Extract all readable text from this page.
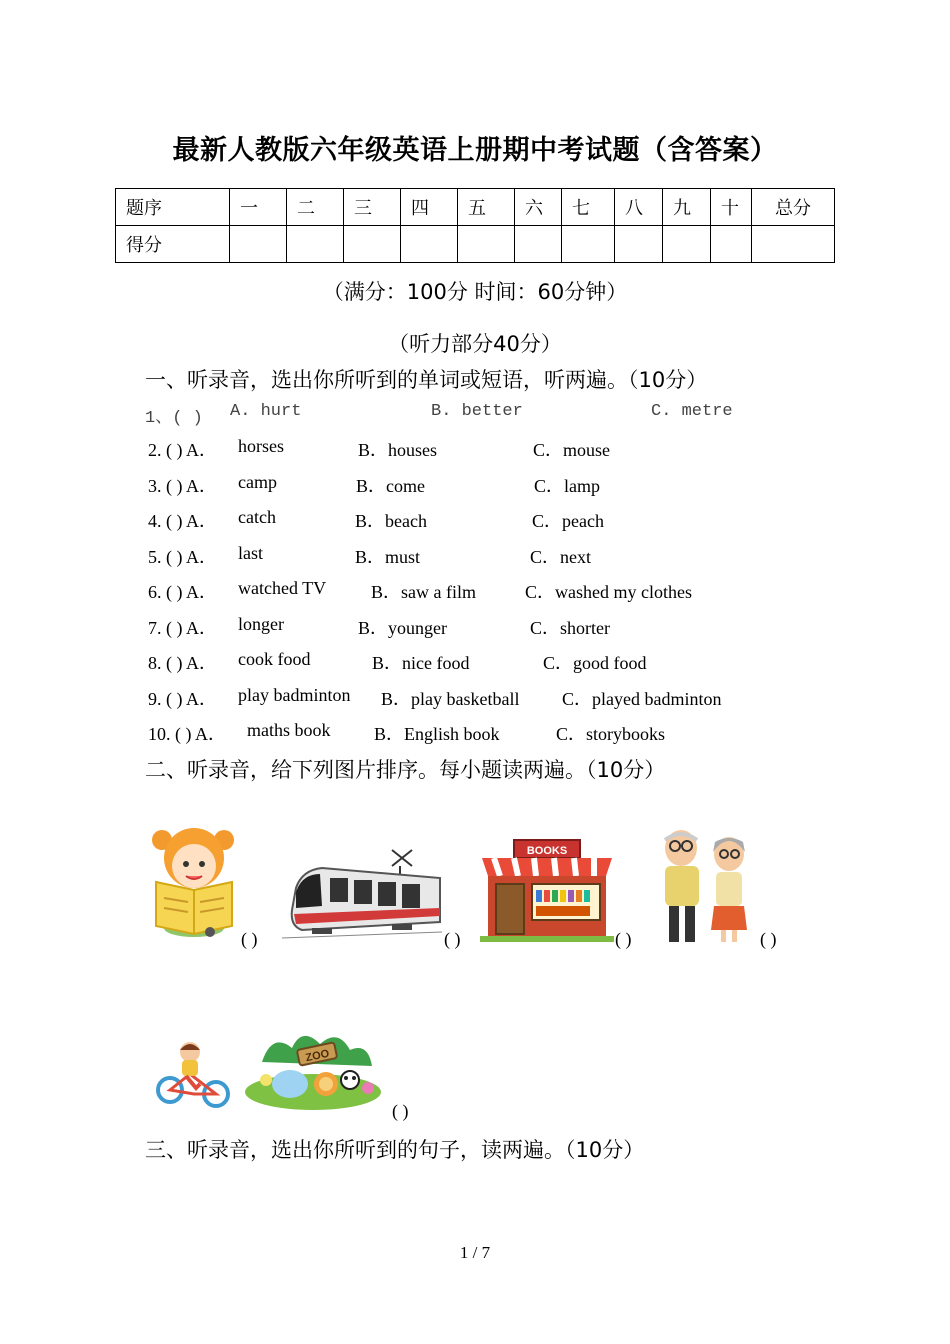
最新人教版六年级英语上册期中考试题（含答案）
题序	一	二	三	四	五	六	七	八	九	十	总分
得分											
（满分：100分 时间：60分钟）
（听力部分40分）
一、听录音，选出你所听到的单词或短语，听两遍。（10分）
1、( ) A. hurt	B. better	C. metre
2. ( ) A． horses	B．houses	C．mouse
3. ( ) A． camp	B．come	C．lamp
4. ( ) A． catch	B．beach	C．peach
5. ( ) A． last	B．must	C．next
6. ( ) A． watched TV B．saw a film	C．washed my clothes
7. ( ) A． longer	B．younger	C．shorter
8. ( ) A． cook food	B．nice food	C．good food
9. ( ) A． play badminton B．play basketball C．played badminton
10. ( ) A． maths book B．English book	C．storybooks
二、听录音，给下列图片排序。每小题读两遍。（10分）
( )	( )
BOOKS
( )	( )
ZOO
( )
三、听录音，选出你所听到的句子，读两遍。（10分）
1 / 7
